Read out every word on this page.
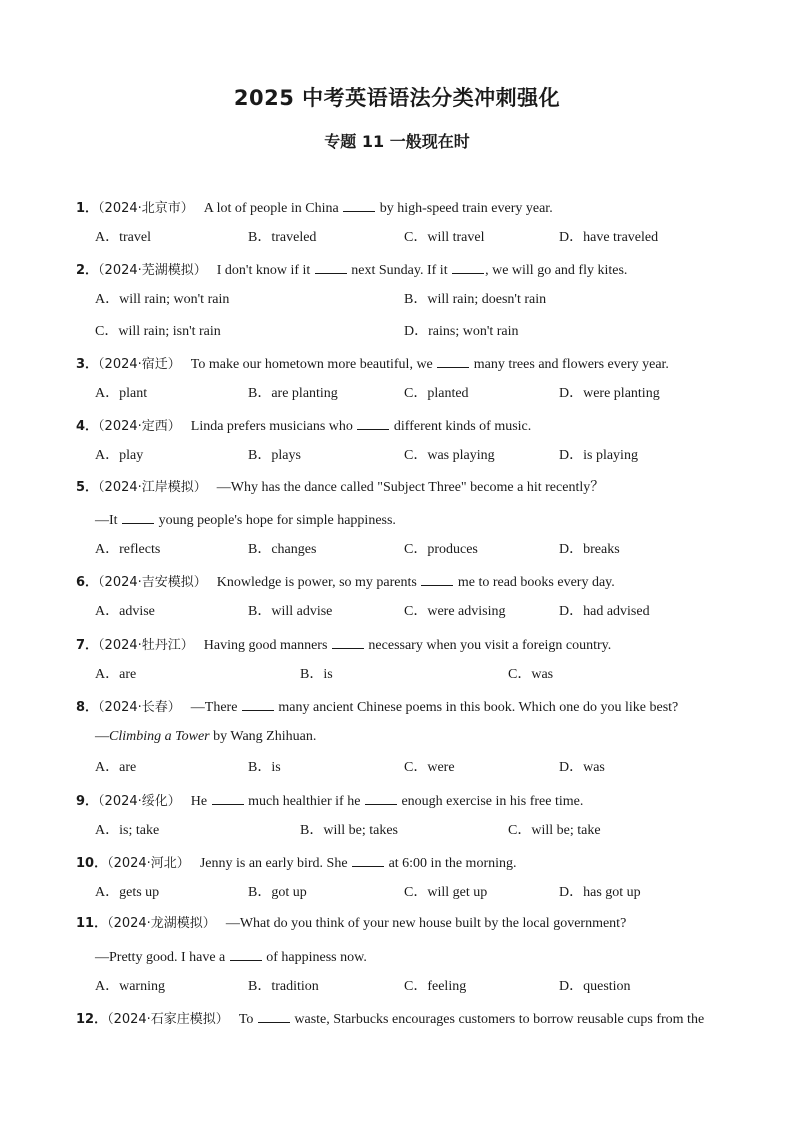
2025 中考英语语法分类冲刺强化
专题 11 一般现在时
1．（2024·北京市） A lot of people in China  by high-speed train every year.
A．travel	B．traveled	C．will travel	D．have traveled
2．（2024·芜湖模拟） I don't know if it  next Sunday. If it , we will go and fly kites.
A．will rain; won't rain	B．will rain; doesn't rain
C．will rain; isn't rain	D．rains; won't rain
3．（2024·宿迁） To make our hometown more beautiful, we  many trees and flowers every year.
A．plant	B．are planting	C．planted	D．were planting
4．（2024·定西） Linda prefers musicians who  different kinds of music.
A．play	B．plays	C．was playing	D．is playing
5．（2024·江岸模拟） —Why has the dance called "Subject Three" become a hit recently？
—It  young people's hope for simple happiness.
A．reflects	B．changes	C．produces	D．breaks
6．（2024·吉安模拟） Knowledge is power, so my parents  me to read books every day.
A．advise	B．will advise	C．were advising	D．had advised
7．（2024·牡丹江） Having good manners  necessary when you visit a foreign country.
A．are	B．is	C．was
8．（2024·长春） —There  many ancient Chinese poems in this book. Which one do you like best?
—Climbing a Tower by Wang Zhihuan.
A．are	B．is	C．were	D．was
9．（2024·绥化） He  much healthier if he  enough exercise in his free time.
A．is; take	B．will be; takes	C．will be; take
10．（2024·河北） Jenny is an early bird. She  at 6:00 in the morning.
A．gets up	B．got up	C．will get up	D．has got up
11．（2024·龙湖模拟） —What do you think of your new house built by the local government?
—Pretty good. I have a  of happiness now.
A．warning	B．tradition	C．feeling	D．question
12．（2024·石家庄模拟） To  waste, Starbucks encourages customers to borrow reusable cups from the
